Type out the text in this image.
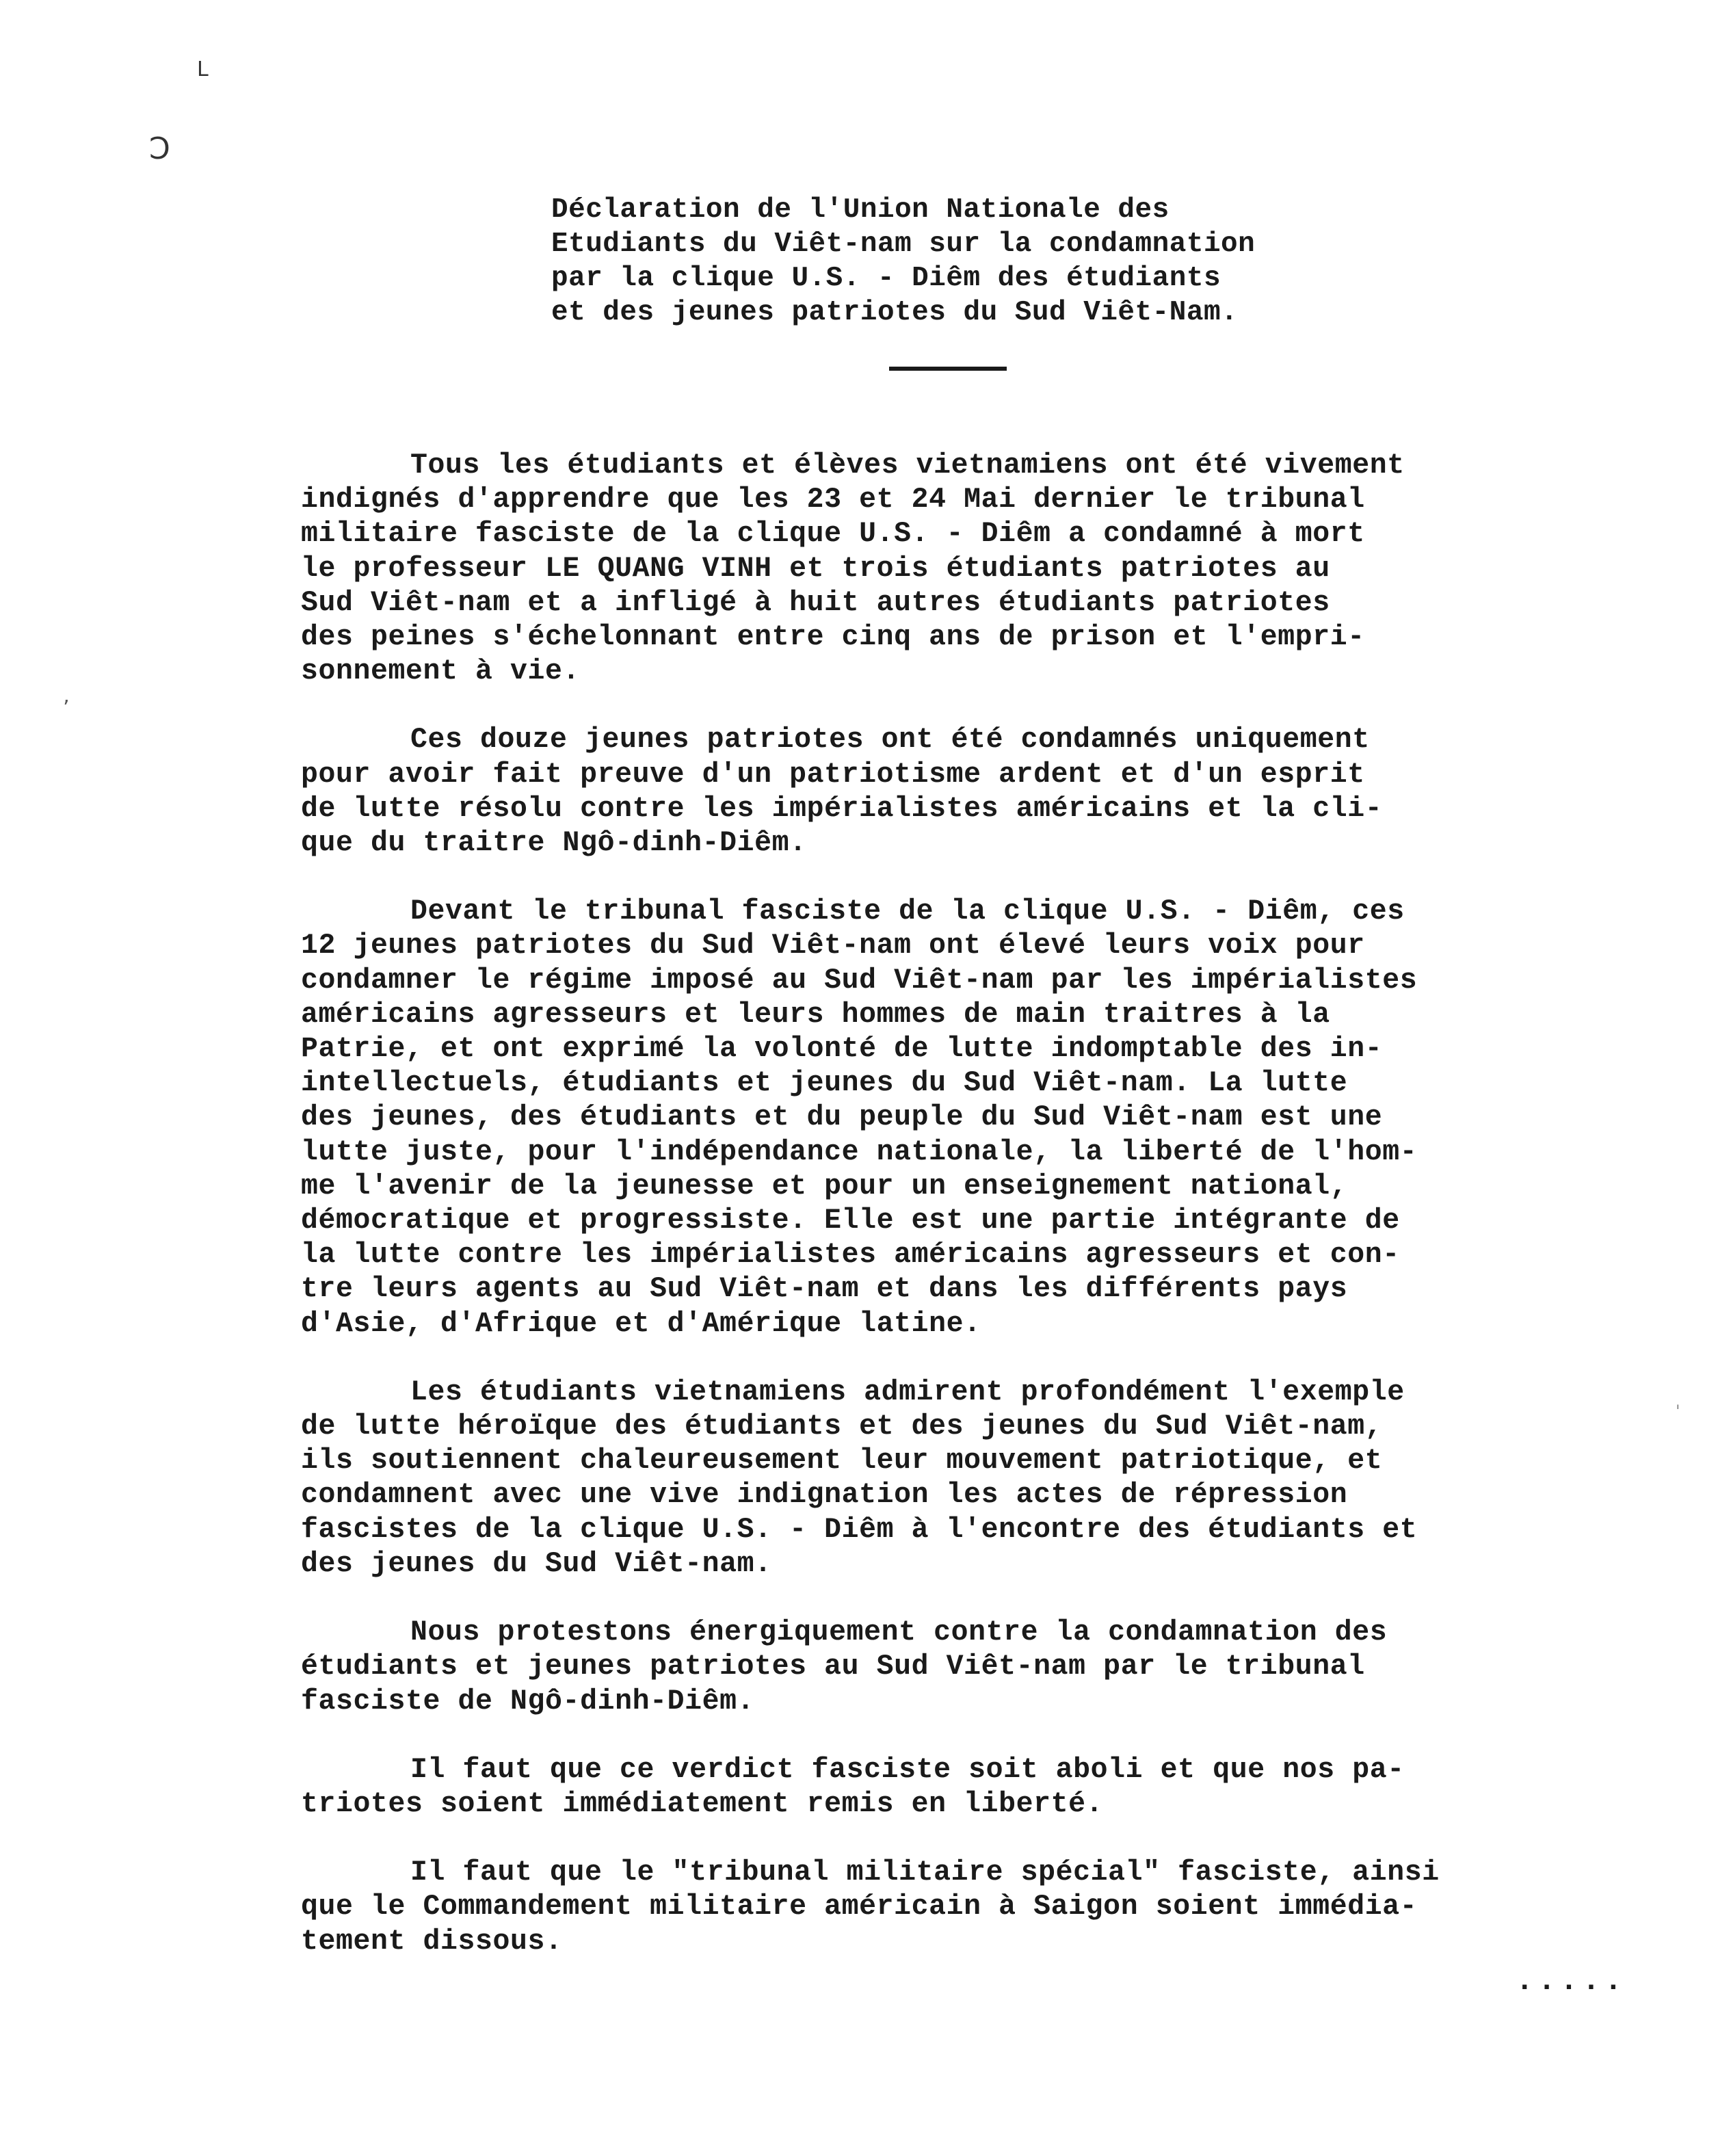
ᒪ
Ͻ
ʼ
ˈ
Déclaration de l'Union Nationale des
Etudiants du Viêt-nam sur la condamnation
par la clique U.S. - Diêm des étudiants
et des jeunes patriotes du Sud Viêt-Nam.
Tous les étudiants et élèves vietnamiens ont été vivement
indignés d'apprendre que les 23 et 24 Mai dernier le tribunal
militaire fasciste de la clique U.S. - Diêm a condamné à mort
le professeur LE QUANG VINH et trois étudiants patriotes au
Sud Viêt-nam et a infligé à huit autres étudiants patriotes
des peines s'échelonnant entre cinq ans de prison et l'empri-
sonnement à vie.
Ces douze jeunes patriotes ont été condamnés uniquement
pour avoir fait preuve d'un patriotisme ardent et d'un esprit
de lutte résolu contre les impérialistes américains et la cli-
que du traitre Ngô-dinh-Diêm.
Devant le tribunal fasciste de la clique U.S. - Diêm, ces
12 jeunes patriotes du Sud Viêt-nam ont élevé leurs voix pour
condamner le régime imposé au Sud Viêt-nam par les impérialistes
américains agresseurs et leurs hommes de main traitres à la
Patrie, et ont exprimé la volonté de lutte indomptable des in-
intellectuels, étudiants et jeunes du Sud Viêt-nam. La lutte
des jeunes, des étudiants et du peuple du Sud Viêt-nam est une
lutte juste, pour l'indépendance nationale, la liberté de l'hom-
me l'avenir de la jeunesse et pour un enseignement national,
démocratique et progressiste. Elle est une partie intégrante de
la lutte contre les impérialistes américains agresseurs et con-
tre leurs agents au Sud Viêt-nam et dans les différents pays
d'Asie, d'Afrique et d'Amérique latine.
Les étudiants vietnamiens admirent profondément l'exemple
de lutte héroïque des étudiants et des jeunes du Sud Viêt-nam,
ils soutiennent chaleureusement leur mouvement patriotique, et
condamnent avec une vive indignation les actes de répression
fascistes de la clique U.S. - Diêm à l'encontre des étudiants et
des jeunes du Sud Viêt-nam.
Nous protestons énergiquement contre la condamnation des
étudiants et jeunes patriotes au Sud Viêt-nam par le tribunal
fasciste de Ngô-dinh-Diêm.
Il faut que ce verdict fasciste soit aboli et que nos pa-
triotes soient immédiatement remis en liberté.
Il faut que le "tribunal militaire spécial" fasciste, ainsi
que le Commandement militaire américain à Saigon soient immédia-
tement dissous.
.....
